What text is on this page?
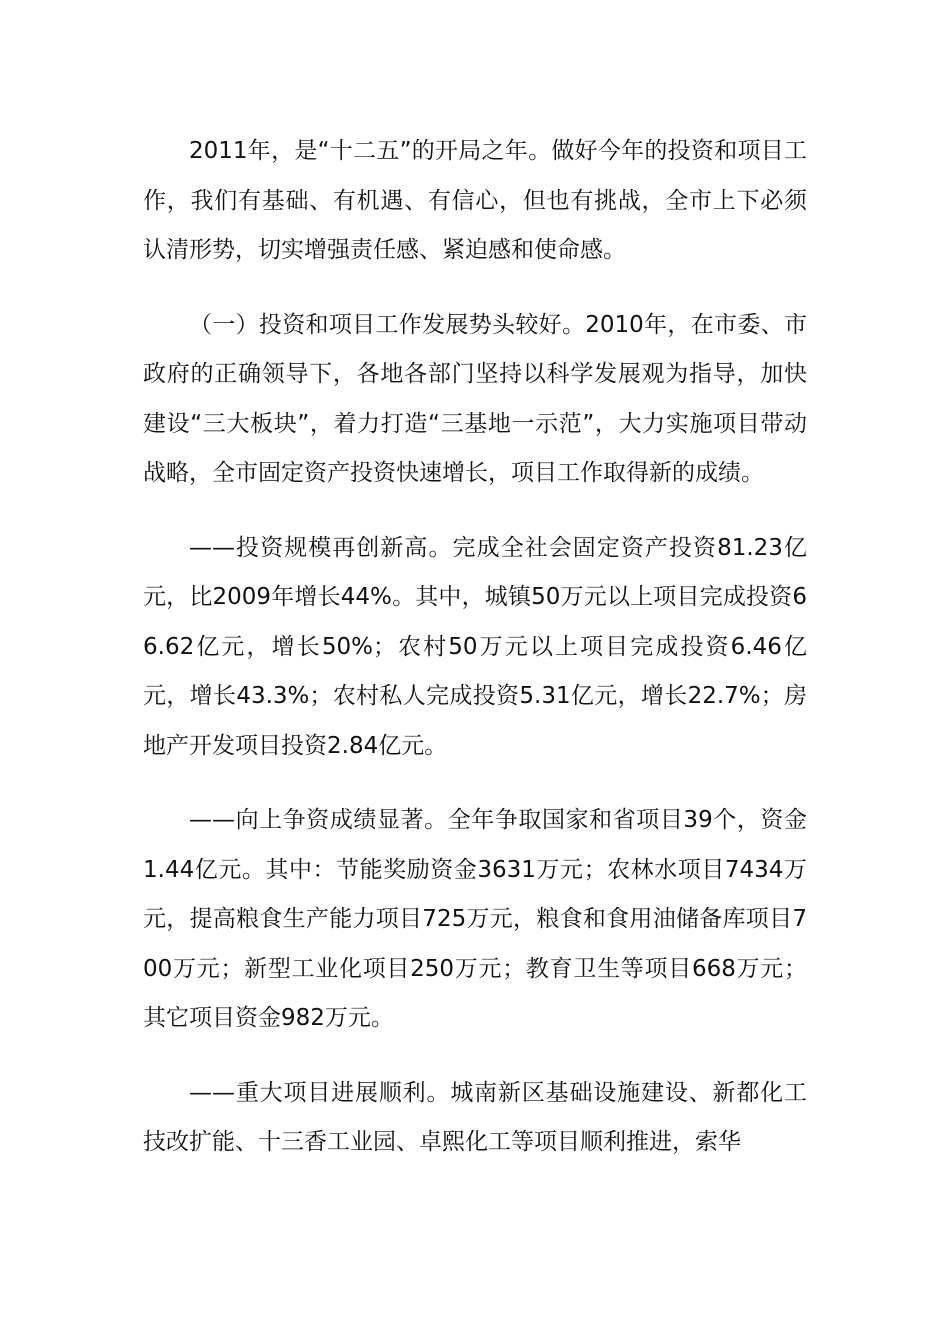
2011年，是“十二五”的开局之年。做好今年的投资和项目工作，我们有基础、有机遇、有信心，但也有挑战，全市上下必须认清形势，切实增强责任感、紧迫感和使命感。

（一）投资和项目工作发展势头较好。2010年，在市委、市政府的正确领导下，各地各部门坚持以科学发展观为指导，加快建设“三大板块”，着力打造“三基地一示范”，大力实施项目带动战略，全市固定资产投资快速增长，项目工作取得新的成绩。

——投资规模再创新高。完成全社会固定资产投资81.23亿元，比2009年增长44%。其中，城镇50万元以上项目完成投资66.62亿元，增长50%；农村50万元以上项目完成投资6.46亿元，增长43.3%；农村私人完成投资5.31亿元，增长22.7%；房地产开发项目投资2.84亿元。

——向上争资成绩显著。全年争取国家和省项目39个，资金1.44亿元。其中：节能奖励资金3631万元；农林水项目7434万元，提高粮食生产能力项目725万元，粮食和食用油储备库项目700万元；新型工业化项目250万元；教育卫生等项目668万元；其它项目资金982万元。

——重大项目进展顺利。城南新区基础设施建设、新都化工技改扩能、十三香工业园、卓熙化工等项目顺利推进，索华
